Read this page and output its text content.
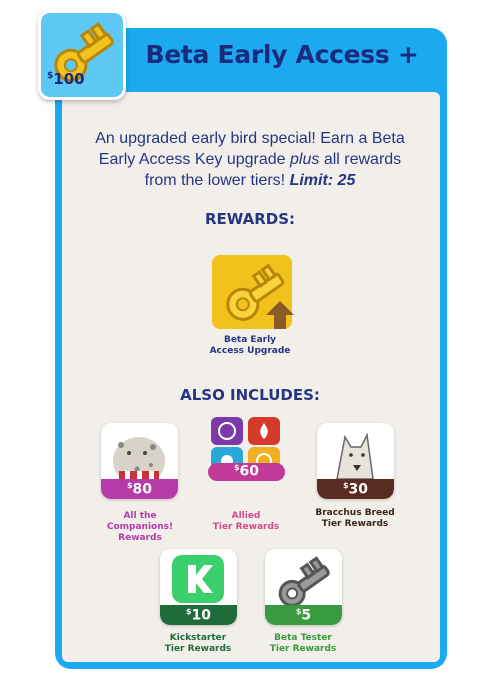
Beta Early Access +
$100
An upgraded early bird special! Earn a Beta
Early Access Key upgrade plus all rewards
from the lower tiers! Limit: 25
REWARDS:
Beta Early
Access Upgrade
ALSO INCLUDES:
$80
All the
Companions!
Rewards
$60
Allied
Tier Rewards
$30
Bracchus Breed
Tier Rewards
$10
Kickstarter
Tier Rewards
$5
Beta Tester
Tier Rewards
